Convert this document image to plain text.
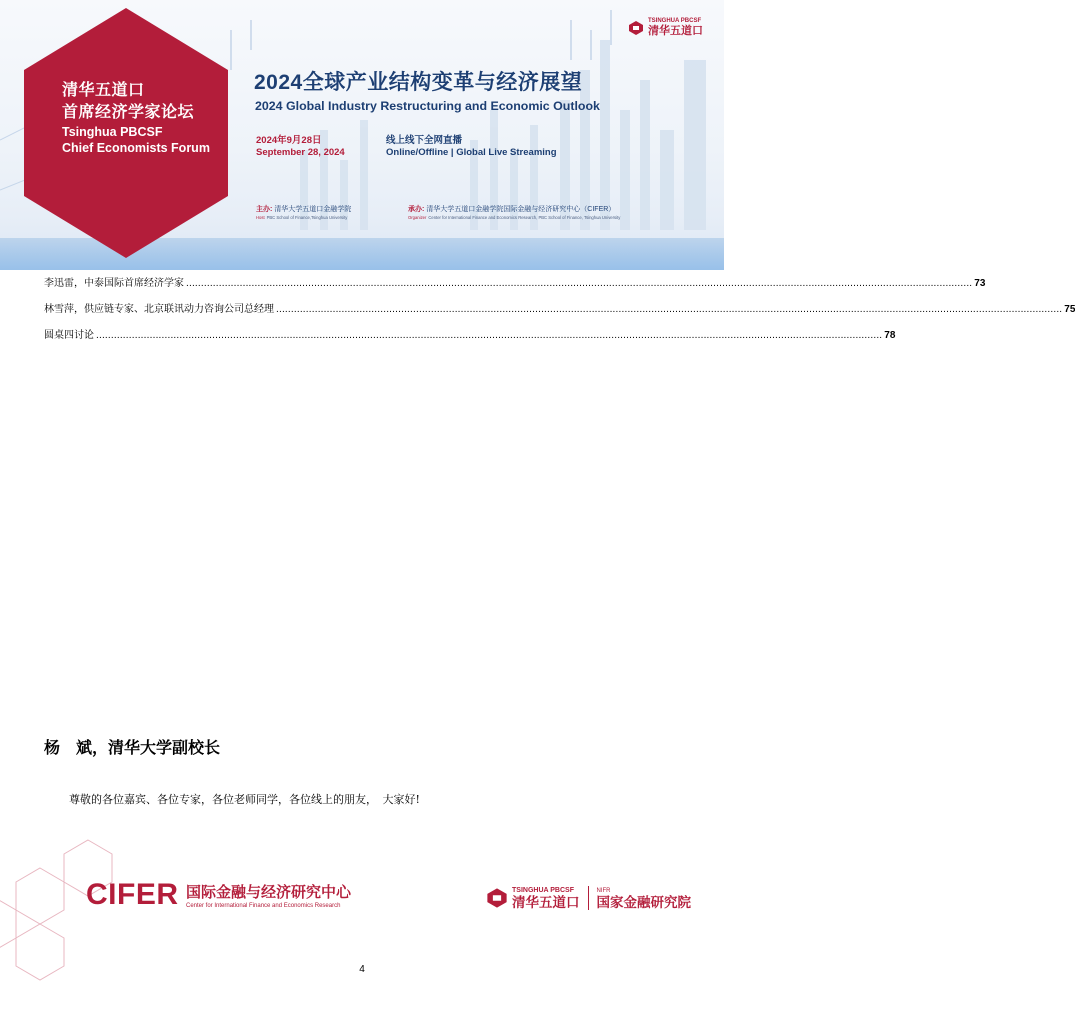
清华五道口
首席经济学家论坛
Tsinghua PBCSF
Chief Economists Forum
TSINGHUA PBCSF
清华五道口
2024全球产业结构变革与经济展望
2024 Global Industry Restructuring and Economic Outlook
2024年9月28日
September 28, 2024
线上线下全网直播
Online/Offline | Global Live Streaming
主办: 清华大学五道口金融学院
Host PBC School of Finance,Tsinghua University
承办: 清华大学五道口金融学院国际金融与经济研究中心（CIFER）
Organizer Center for International Finance and Economics Research, PBC School of Finance, Tsinghua University
李迅雷，中泰国际首席经济学家 ........................................................................................................................................................................................................................................................................ 73
林雪萍，供应链专家、北京联讯动力咨询公司总经理 ........................................................................................................................................................................................................................................................................ 75
圆桌四讨论 ........................................................................................................................................................................................................................................................................ 78
杨　斌，清华大学副校长
尊敬的各位嘉宾、各位专家，各位老师同学，各位线上的朋友，　大家好!
CIFER 国际金融与经济研究中心
Center for International Finance and Economics Research
TSINGHUA PBCSF
清华五道口
NIFR
国家金融研究院
4
